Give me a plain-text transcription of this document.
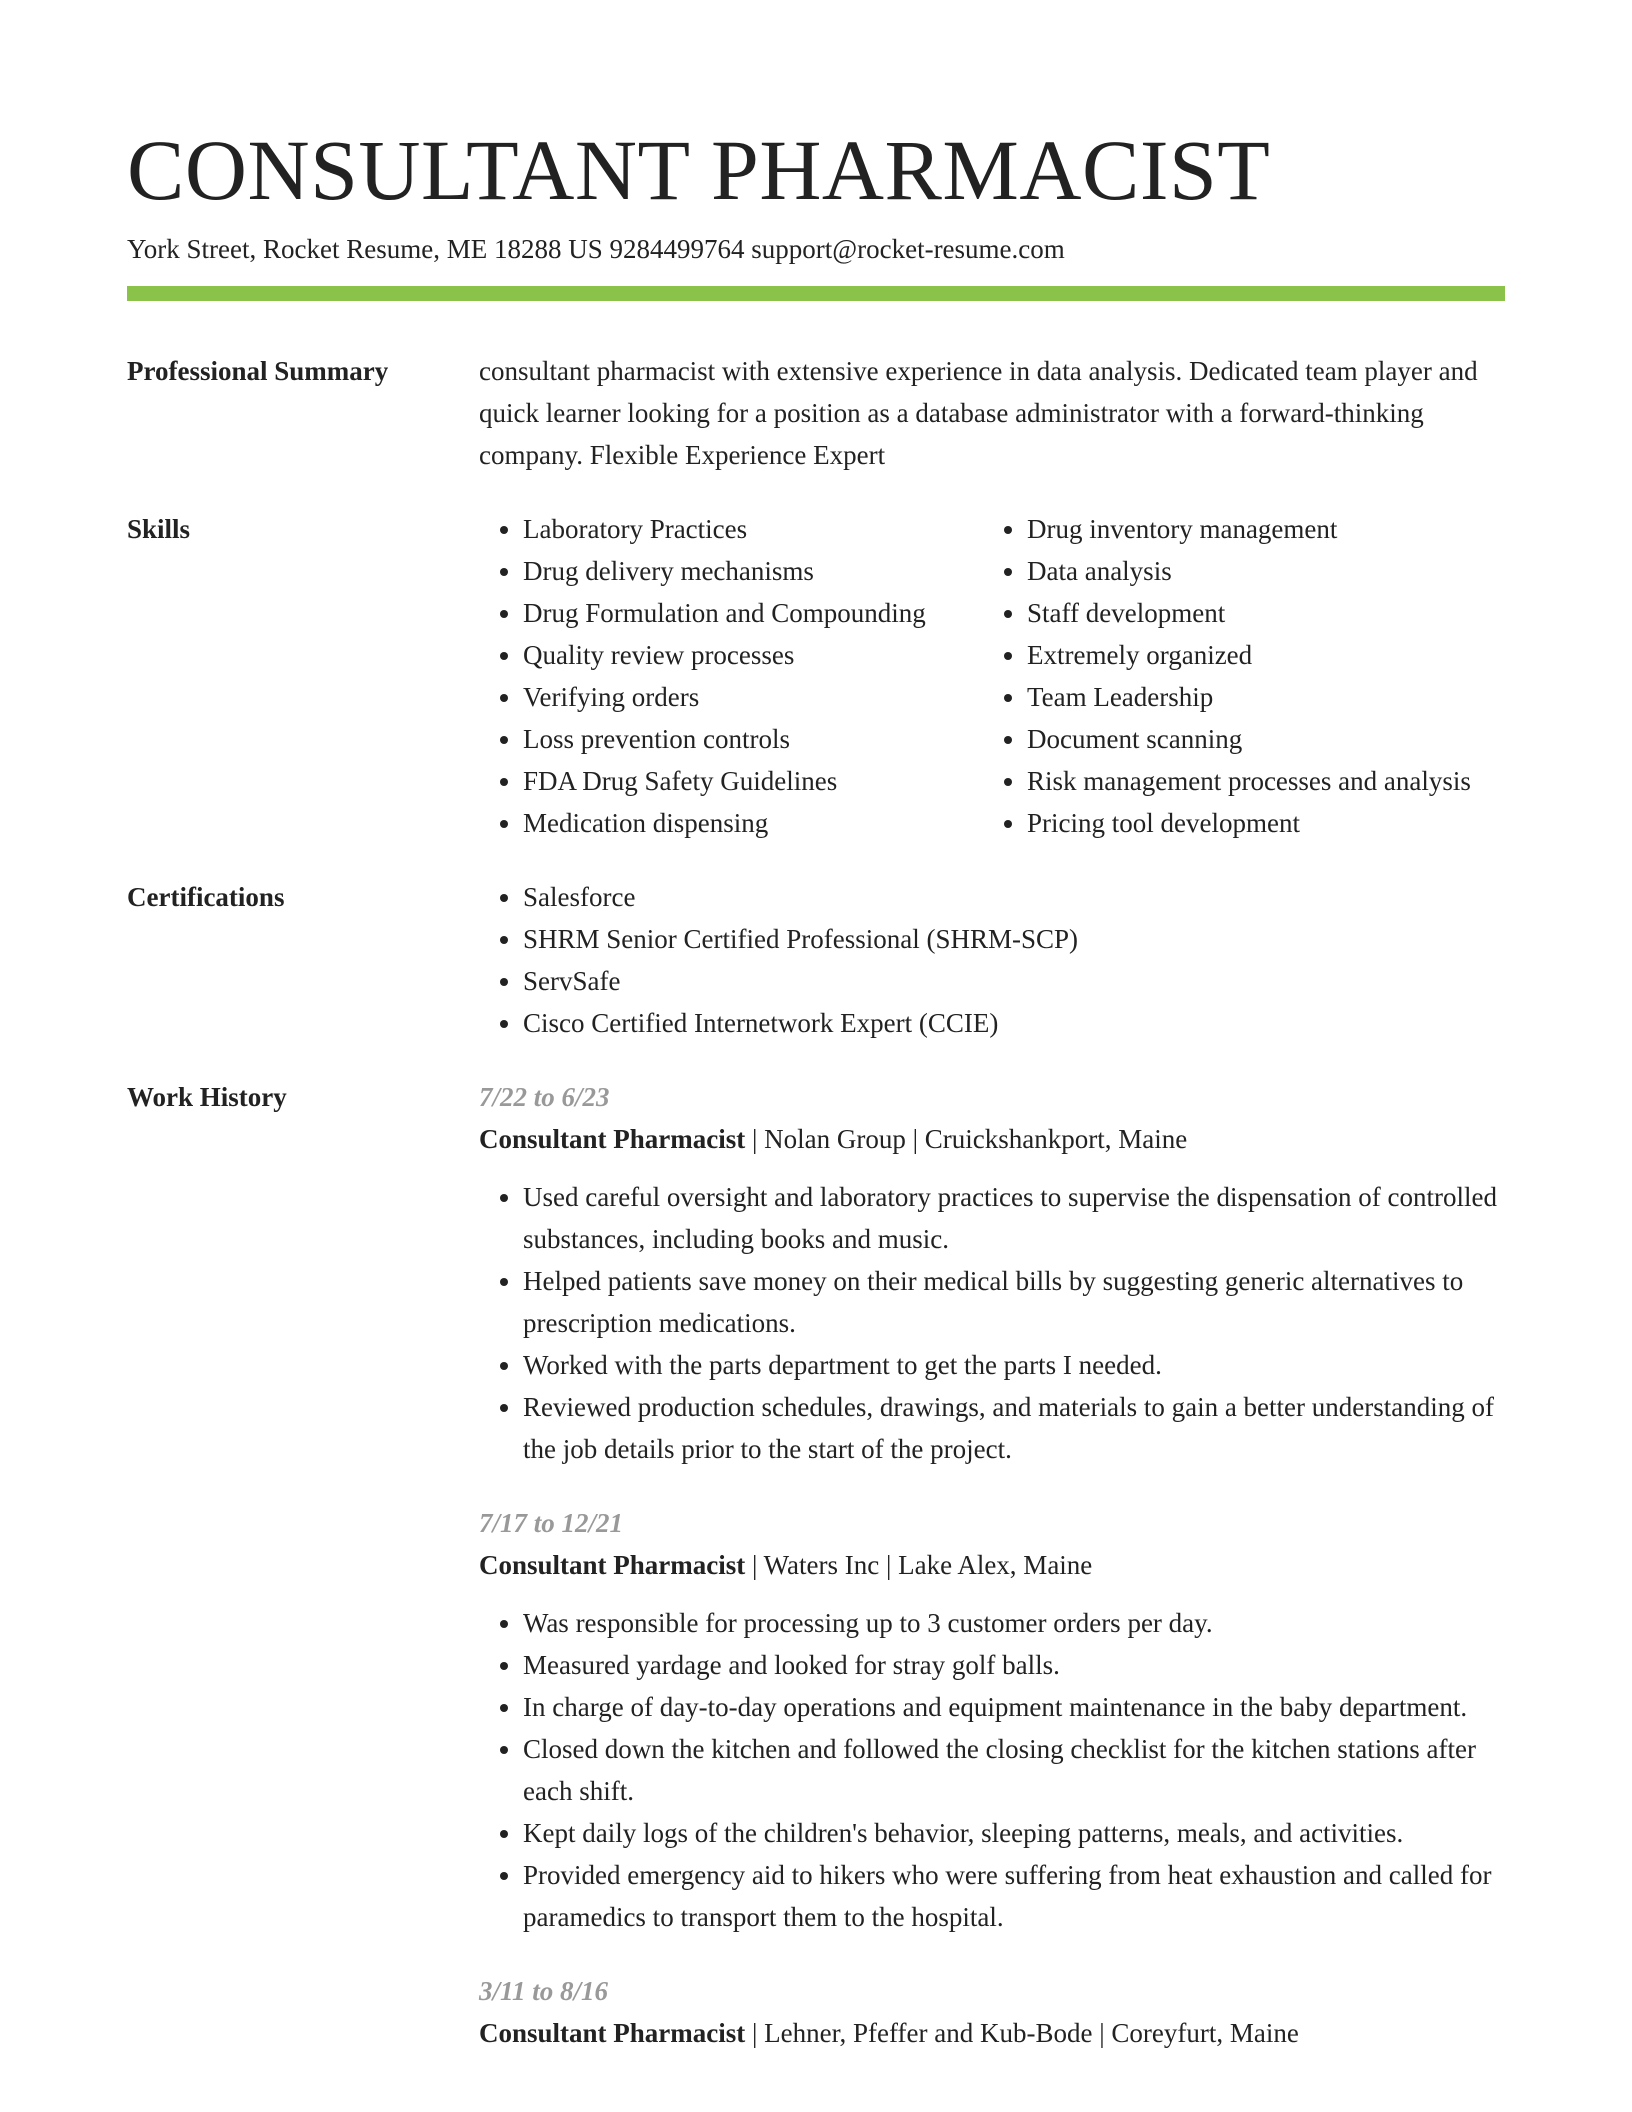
CONSULTANT PHARMACIST
York Street, Rocket Resume, ME 18288 US 9284499764 support@rocket-resume.com
Professional Summary	consultant pharmacist with extensive experience in data analysis. Dedicated team player and quick learner looking for a position as a database administrator with a forward-thinking company. Flexible Experience Expert

Skills	• Laboratory Practices
• Drug delivery mechanisms
• Drug Formulation and Compounding
• Quality review processes
• Verifying orders
• Loss prevention controls
• FDA Drug Safety Guidelines
• Medication dispensing
• Drug inventory management
• Data analysis
• Staff development
• Extremely organized
• Team Leadership
• Document scanning
• Risk management processes and analysis
• Pricing tool development
Certifications	• Salesforce
• SHRM Senior Certified Professional (SHRM-SCP)
• ServSafe
• Cisco Certified Internetwork Expert (CCIE)
Work History	7/22 to 6/23
Consultant Pharmacist | Nolan Group | Cruickshankport, Maine
• Used careful oversight and laboratory practices to supervise the dispensation of controlled substances, including books and music.
• Helped patients save money on their medical bills by suggesting generic alternatives to prescription medications.
• Worked with the parts department to get the parts I needed.
• Reviewed production schedules, drawings, and materials to gain a better understanding of the job details prior to the start of the project.
7/17 to 12/21
Consultant Pharmacist | Waters Inc | Lake Alex, Maine
• Was responsible for processing up to 3 customer orders per day.
• Measured yardage and looked for stray golf balls.
• In charge of day-to-day operations and equipment maintenance in the baby department.
• Closed down the kitchen and followed the closing checklist for the kitchen stations after each shift.
• Kept daily logs of the children's behavior, sleeping patterns, meals, and activities.
• Provided emergency aid to hikers who were suffering from heat exhaustion and called for paramedics to transport them to the hospital.
3/11 to 8/16
Consultant Pharmacist | Lehner, Pfeffer and Kub-Bode | Coreyfurt, Maine
